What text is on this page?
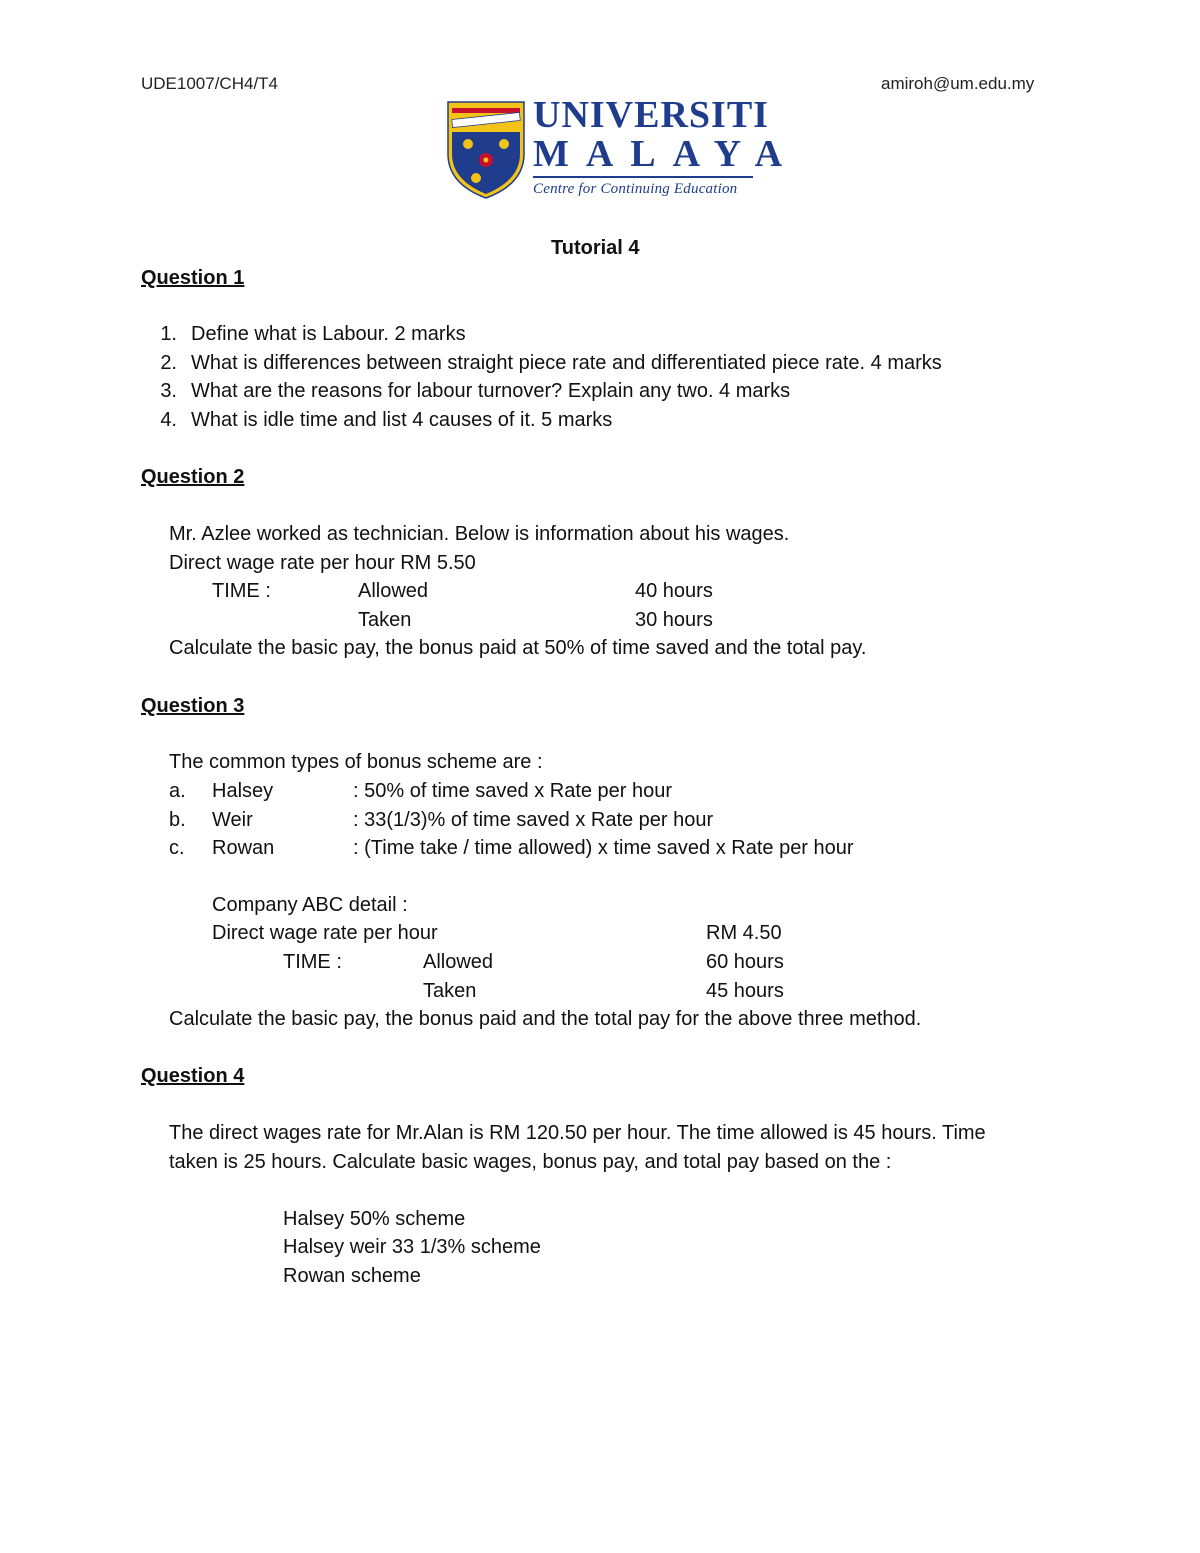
UDE1007/CH4/T4	amiroh@um.edu.my
UNIVERSITI
MALAYA
Centre for Continuing Education
Tutorial 4
Question 1
1. Define what is Labour. 2 marks
2. What is differences between straight piece rate and differentiated piece rate. 4 marks
3. What are the reasons for labour turnover? Explain any two. 4 marks
4. What is idle time and list 4 causes of it. 5 marks
Question 2
Mr. Azlee worked as technician. Below is information about his wages.
Direct wage rate per hour RM 5.50
TIME :	Allowed	40 hours
Taken	30 hours
Calculate the basic pay, the bonus paid at 50% of time saved and the total pay.
Question 3
The common types of bonus scheme are :
a. Halsey	: 50% of time saved x Rate per hour
b. Weir	: 33(1/3)% of time saved x Rate per hour
c. Rowan	: (Time take / time allowed) x time saved x Rate per hour
Company ABC detail :
Direct wage rate per hour	RM 4.50
TIME :	Allowed	60 hours
Taken	45 hours
Calculate the basic pay, the bonus paid and the total pay for the above three method.
Question 4
The direct wages rate for Mr.Alan is RM 120.50 per hour. The time allowed is 45 hours. Time
taken is 25 hours. Calculate basic wages, bonus pay, and total pay based on the :
Halsey 50% scheme
Halsey weir 33 1/3% scheme
Rowan scheme
